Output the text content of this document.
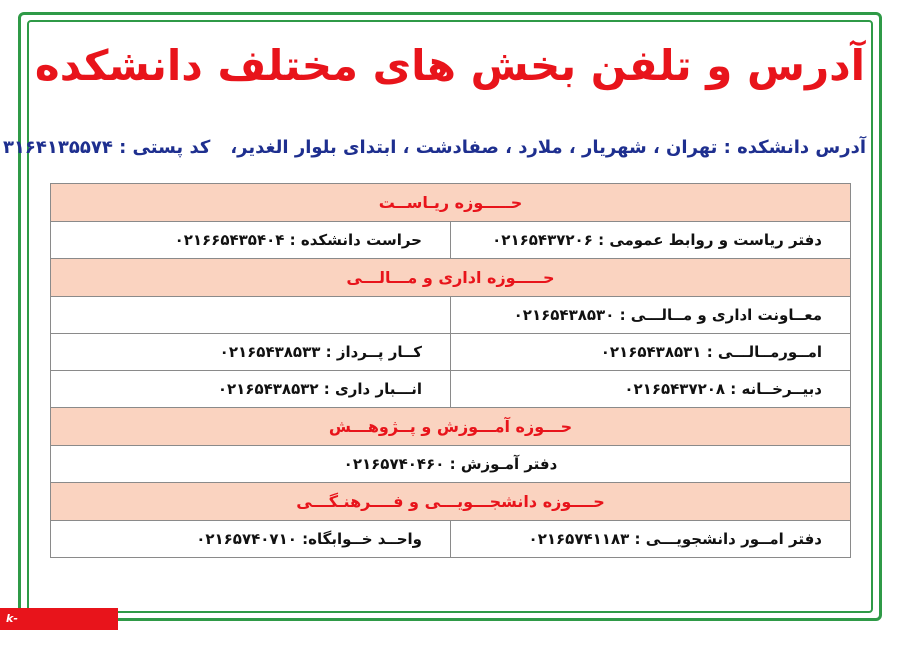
آدرس و تلفن بخش های مختلف دانشکده
آدرس دانشکده : تهران ، شهریار ، ملارد ، صفادشت ، ابتدای بلوار الغدیر،
کد پستی : ۳۱۶۴۱۳۵۵۷۴
حـــــوزه ریـاســت	
دفتر ریاست و روابط عمومی : ۰۲۱۶۵۴۳۷۲۰۶	حراست دانشکده : ۰۲۱۶۶۵۴۳۵۴۰۴
حـــــوزه اداری و مـــالـــی	
معــاونت اداری و مــالـــی : ۰۲۱۶۵۴۳۸۵۳۰	
امــورمــالـــی : ۰۲۱۶۵۴۳۸۵۳۱	کــار پــرداز : ۰۲۱۶۵۴۳۸۵۳۳
دبیــرخــانه : ۰۲۱۶۵۴۳۷۲۰۸	انـــبار داری : ۰۲۱۶۵۴۳۸۵۳۲
حـــوزه آمـــوزش و پــژوهـــش	
دفتر آمـوزش : ۰۲۱۶۵۷۴۰۴۶۰	
حــــوزه دانشجـــویـــی و فــــرهنـگـــی	
دفتر امــور دانشجویـــی : ۰۲۱۶۵۷۴۱۱۸۳	واحــد خــوابگاه: ۰۲۱۶۵۷۴۰۷۱۰
k-shahryar.tvu.ac.ir
